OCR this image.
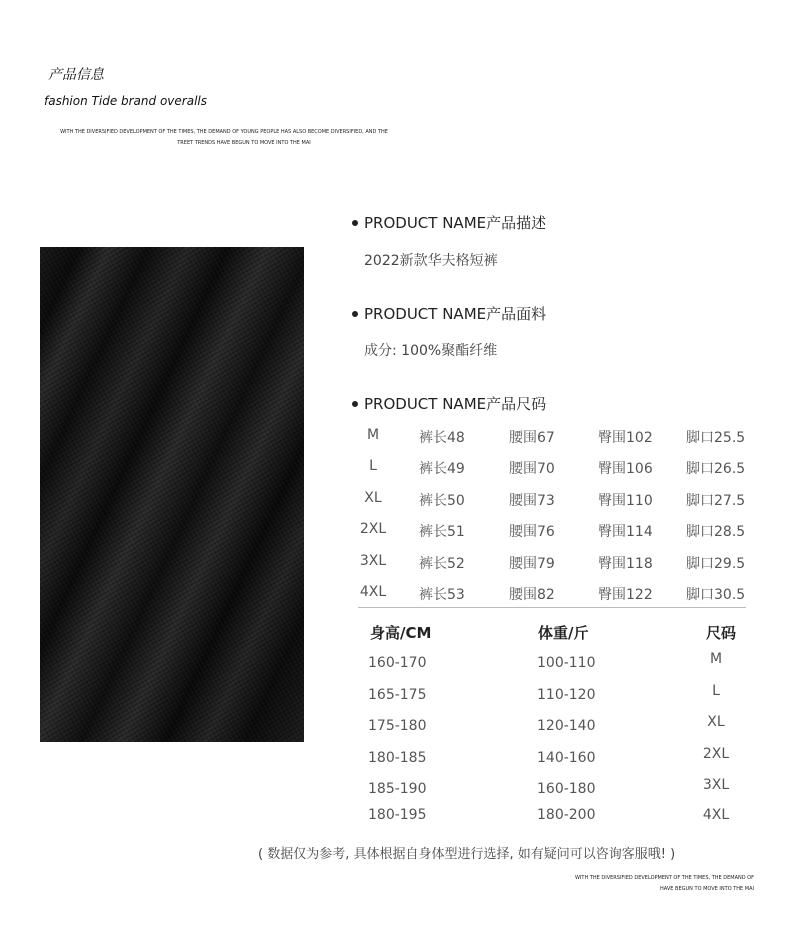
产品信息
fashion Tide brand overalls
WITH THE DIVERSIFIED DEVELOPMENT OF THE TIMES, THE DEMAND OF YOUNG PEOPLE HAS ALSO BECOME DIVERSIFIED, AND THE
TREET TRENDS HAVE BEGUN TO MOVE INTO THE MAI
PRODUCT NAME产品描述
2022新款华夫格短裤
PRODUCT NAME产品面料
成分: 100%聚酯纤维
PRODUCT NAME产品尺码
M	裤长48	腰围67	臀围102 脚口25.5
L	裤长49	腰围70	臀围106 脚口26.5
XL	裤长50	腰围73	臀围110 脚口27.5
2XL 裤长51	腰围76	臀围114 脚口28.5
3XL 裤长52	腰围79	臀围118 脚口29.5
4XL 裤长53	腰围82	臀围122 脚口30.5
身高/CM	体重/斤	尺码
160-170	100-110	M
165-175	110-120	L
175-180	120-140	XL
180-185	140-160	2XL
185-190	160-180	3XL
180-195	180-200	4XL
( 数据仅为参考, 具体根据自身体型进行选择, 如有疑问可以咨询客服哦! )
WITH THE DIVERSIFIED DEVELOPMENT OF THE TIMES, THE DEMAND OF
HAVE BEGUN TO MOVE INTO THE MAI
